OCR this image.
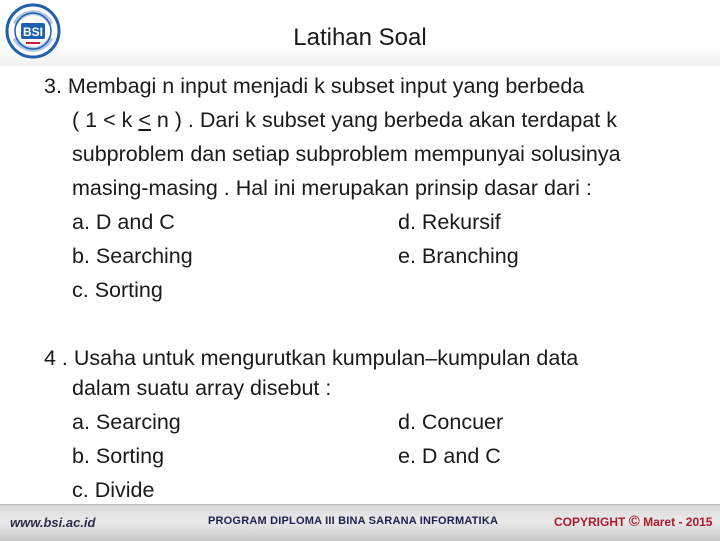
BSI	Latihan Soal
3. Membagi n input menjadi k subset input yang berbeda
( 1 < k ≤ n ) . Dari k subset yang berbeda akan terdapat k
subproblem dan setiap subproblem mempunyai solusinya
masing-masing . Hal ini merupakan prinsip dasar dari :
a. D and C	d. Rekursif
b. Searching	e. Branching
c. Sorting
4 . Usaha untuk mengurutkan kumpulan–kumpulan data
dalam suatu array disebut :
a. Searcing	d. Concuer
b. Sorting	e. D and C
c. Divide
www.bsi.ac.id	PROGRAM DIPLOMA III BINA SARANA INFORMATIKA	COPYRIGHT © Maret - 2015
